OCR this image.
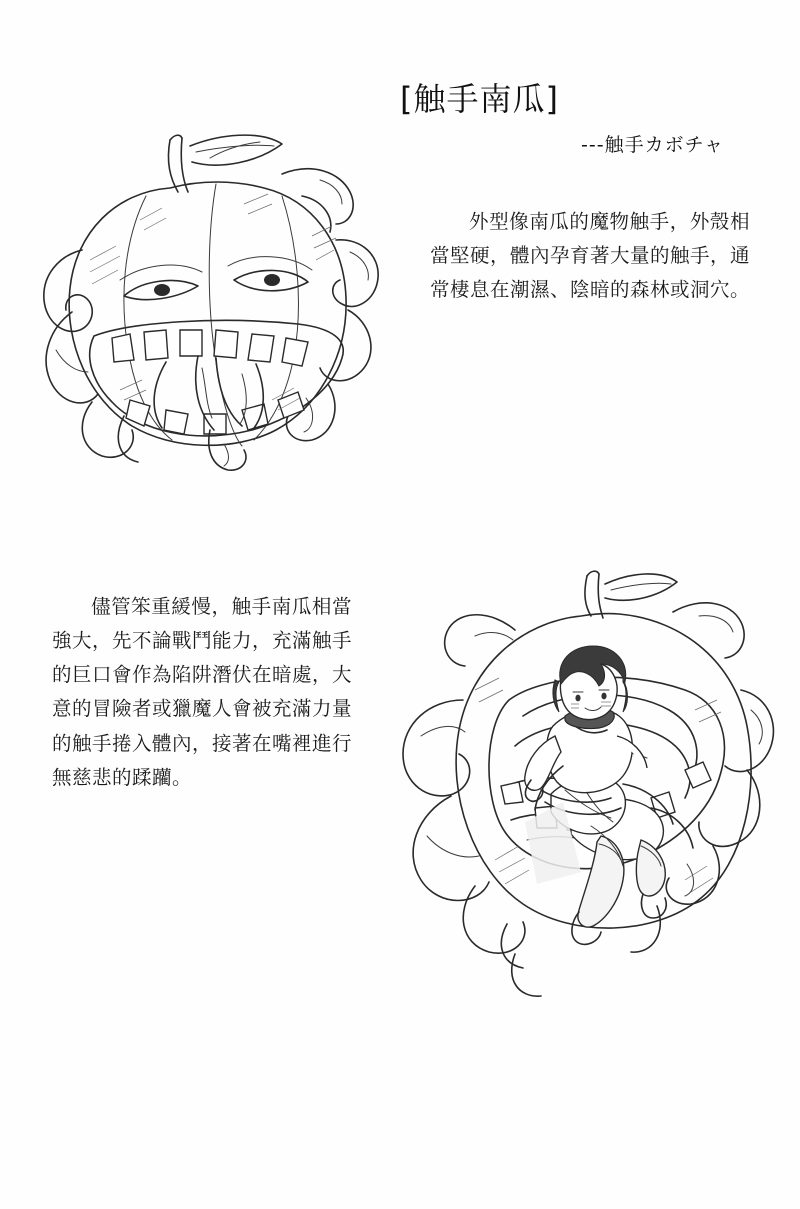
[触手南瓜]
---触手カボチャ
外型像南瓜的魔物触手，外殼相當堅硬，體內孕育著大量的触手，通常棲息在潮濕、陰暗的森林或洞穴。
儘管笨重緩慢，触手南瓜相當強大，先不論戰鬥能力，充滿触手的巨口會作為陷阱潛伏在暗處，大意的冒險者或獵魔人會被充滿力量的触手捲入體內，接著在嘴裡進行無慈悲的蹂躪。
